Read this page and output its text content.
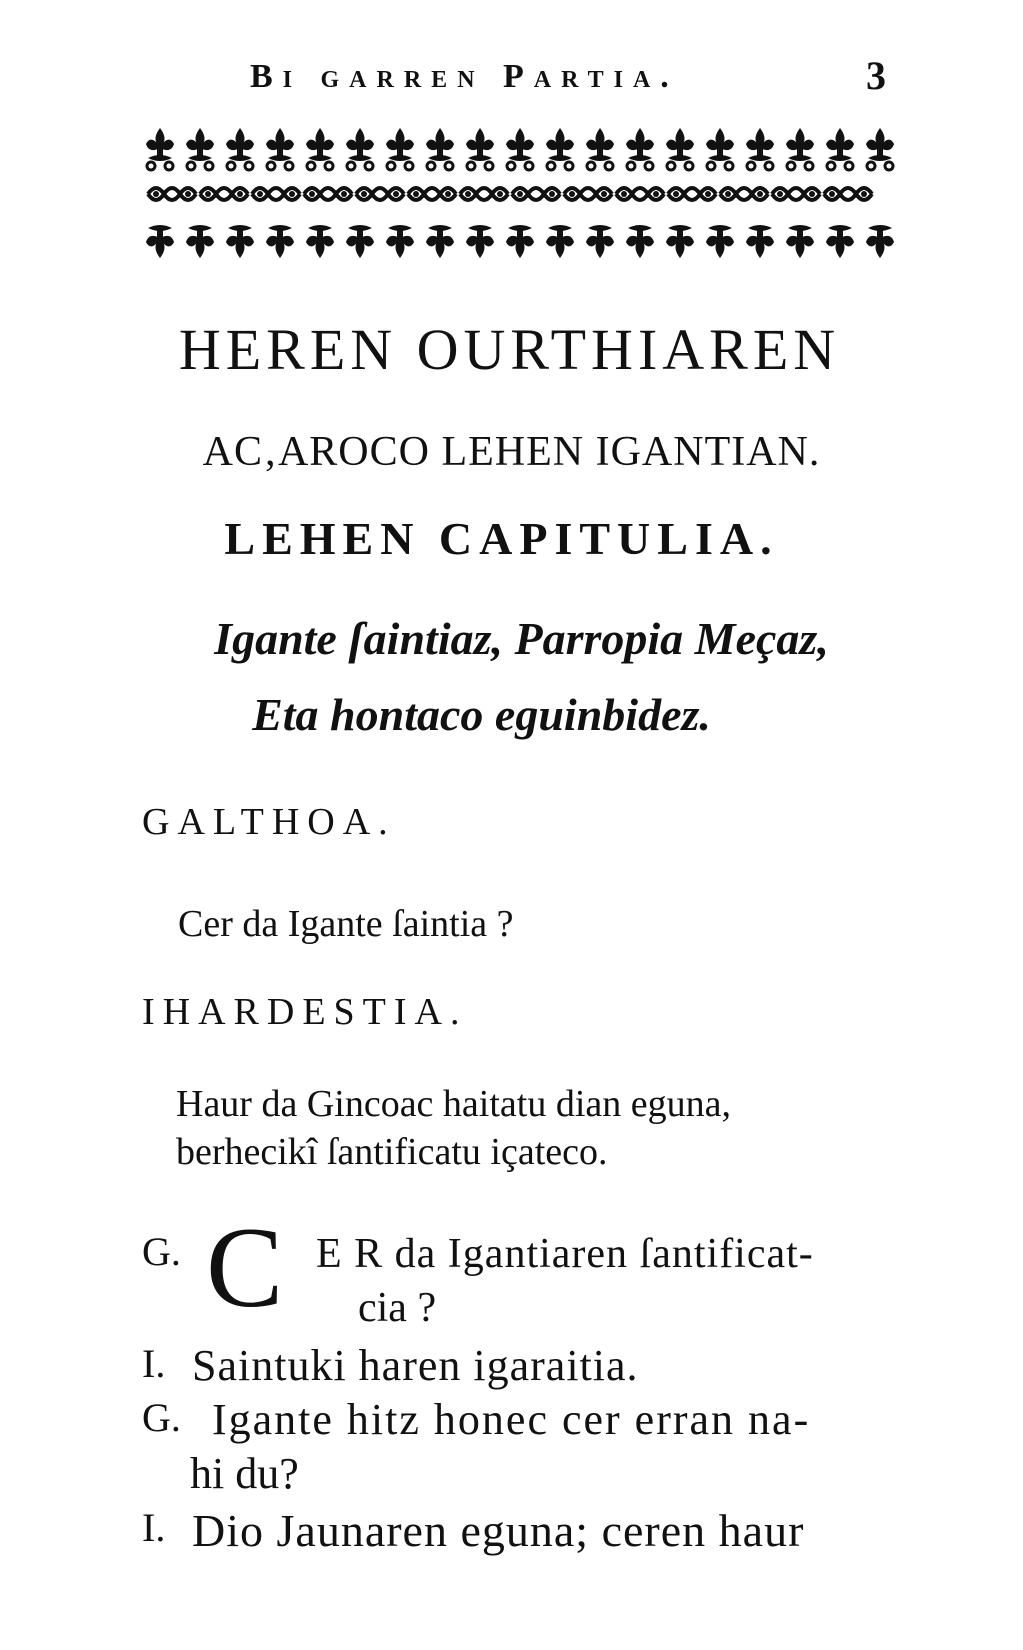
Bi garren Partia.	3
HEREN OURTHIAREN
AC‚AROCO LEHEN IGANTIAN.
LEHEN CAPITULIA.
Igante ſaintiaz, Parropia Meçaz,
Eta hontaco eguinbidez.
GALTHOA.
Cer da Igante ſaintia ?
IHARDESTIA.
Haur da Gincoac haitatu dian eguna,
berhecikî ſantificatu içateco.
G. C E R da Igantiaren ſantificat-
cia ?
I. Saintuki haren igaraitia.
G. Igante hitz honec cer erran na-
hi du?
I. Dio Jaunaren eguna; ceren haur
